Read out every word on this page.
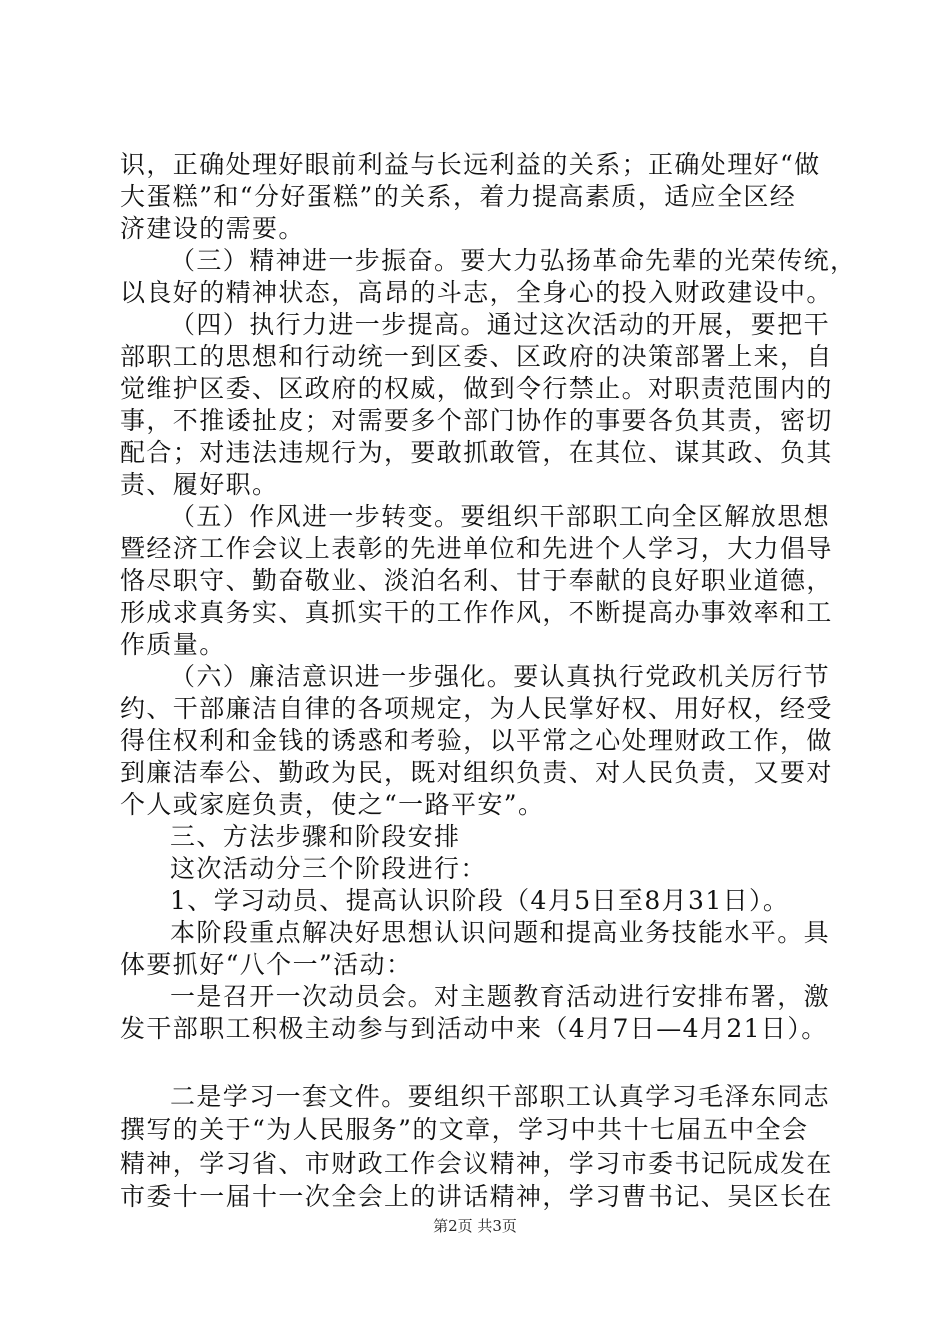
识，正确处理好眼前利益与长远利益的关系；正确处理好“做
大蛋糕”和“分好蛋糕”的关系，着力提高素质，适应全区经
济建设的需要。
（三）精神进一步振奋。要大力弘扬革命先辈的光荣传统，
以良好的精神状态，高昂的斗志，全身心的投入财政建设中。
（四）执行力进一步提高。通过这次活动的开展，要把干
部职工的思想和行动统一到区委、区政府的决策部署上来，自
觉维护区委、区政府的权威，做到令行禁止。对职责范围内的
事，不推诿扯皮；对需要多个部门协作的事要各负其责，密切
配合；对违法违规行为，要敢抓敢管，在其位、谋其政、负其
责、履好职。
（五）作风进一步转变。要组织干部职工向全区解放思想
暨经济工作会议上表彰的先进单位和先进个人学习，大力倡导
恪尽职守、勤奋敬业、淡泊名利、甘于奉献的良好职业道德，
形成求真务实、真抓实干的工作作风，不断提高办事效率和工
作质量。
（六）廉洁意识进一步强化。要认真执行党政机关厉行节
约、干部廉洁自律的各项规定，为人民掌好权、用好权，经受
得住权利和金钱的诱惑和考验，以平常之心处理财政工作，做
到廉洁奉公、勤政为民，既对组织负责、对人民负责，又要对
个人或家庭负责，使之“一路平安”。
三、方法步骤和阶段安排
这次活动分三个阶段进行：
1、学习动员、提高认识阶段（4月5日至8月31日）。
本阶段重点解决好思想认识问题和提高业务技能水平。具
体要抓好“八个一”活动：
一是召开一次动员会。对主题教育活动进行安排布署，激
发干部职工积极主动参与到活动中来（4月7日—4月21日）。
二是学习一套文件。要组织干部职工认真学习毛泽东同志
撰写的关于“为人民服务”的文章，学习中共十七届五中全会
第2页 共3页
精神，学习省、市财政工作会议精神，学习市委书记阮成发在
市委十一届十一次全会上的讲话精神，学习曹书记、吴区长在
